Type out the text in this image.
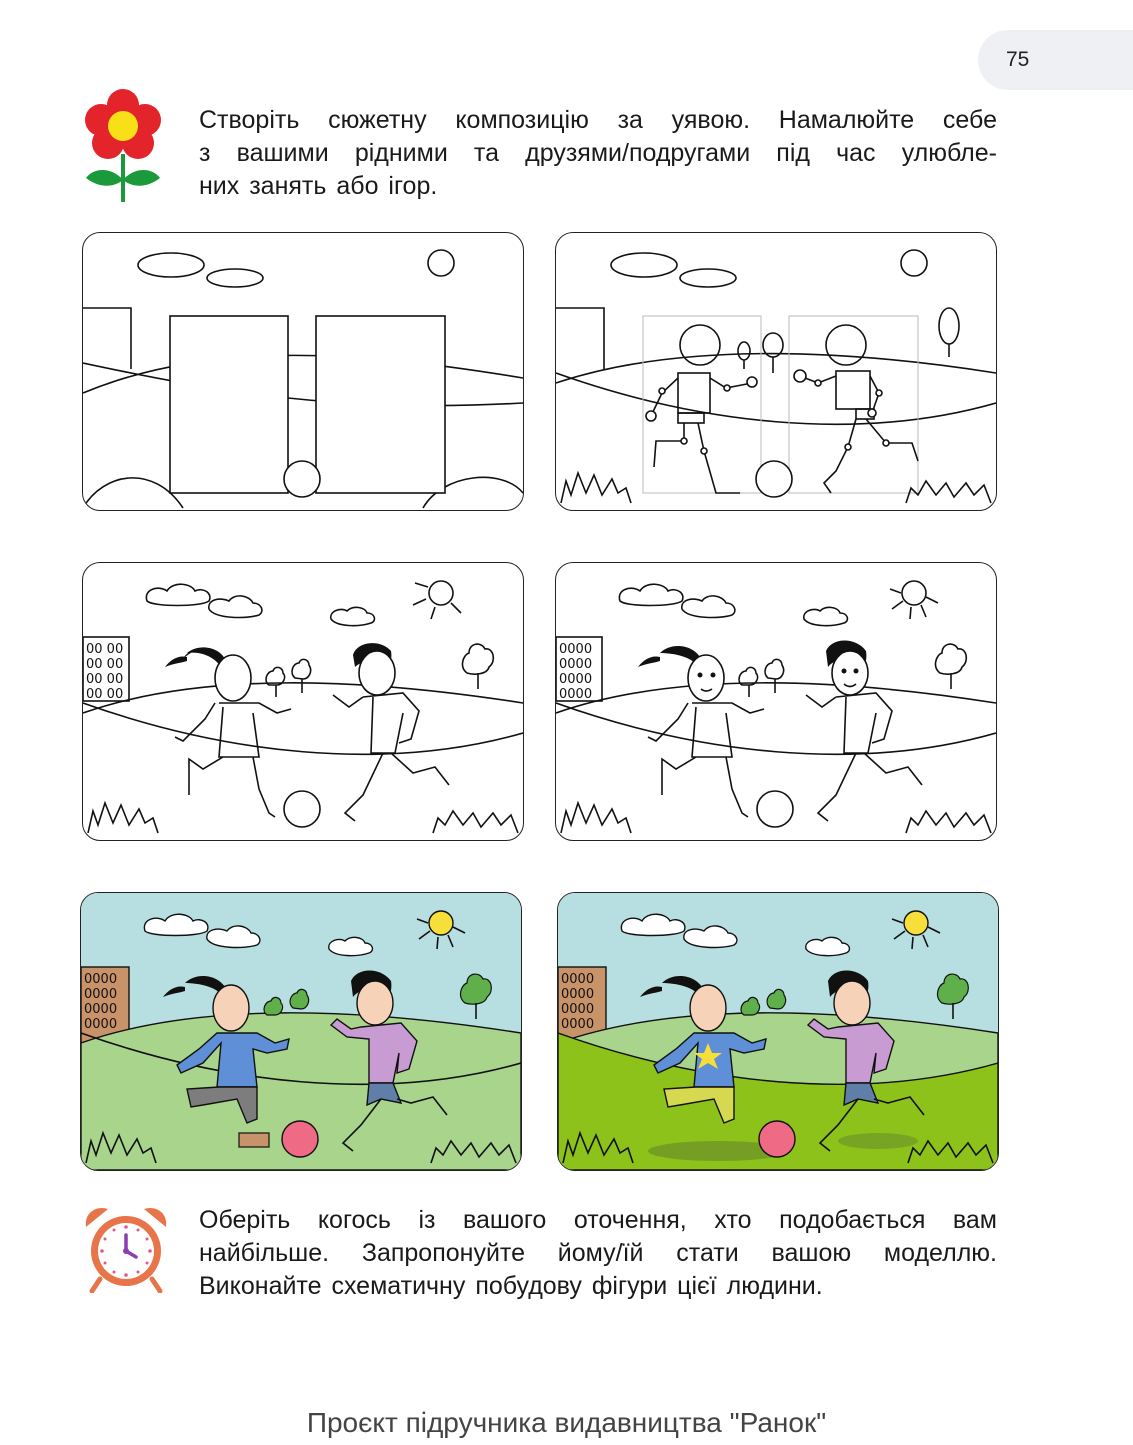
75

Створіть сюжетну композицію за уявою. Намалюйте себе

з вашими рідними та друзями/подругами під час улюбле-

них занять або ігор.

00 00
00 00
00 00
00 00
0000
0000
0000
0000
0000
0000
0000
0000
0000
0000
0000
0000

Оберіть когось із вашого оточення, хто подобається вам

найбільше. Запропонуйте йому/їй стати вашою моделлю.

Виконайте схематичну побудову фігури цієї людини.

Проєкт підручника видавництва "Ранок"
